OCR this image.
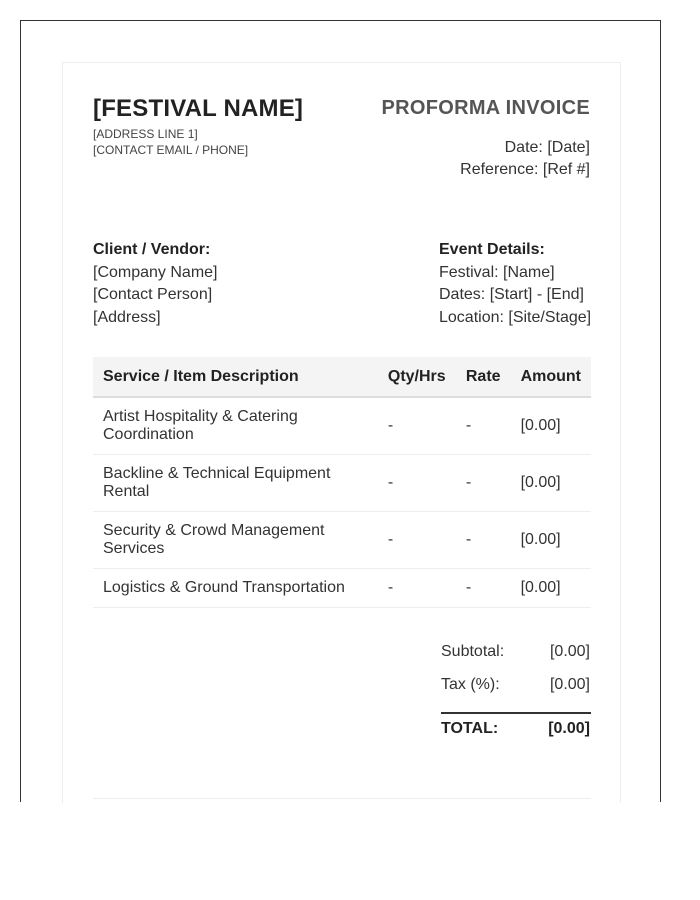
[FESTIVAL NAME]
[ADDRESS LINE 1]
[CONTACT EMAIL / PHONE]
PROFORMA INVOICE
Date: [Date]
Reference: [Ref #]
Client / Vendor:
[Company Name]
[Contact Person]
[Address]
Event Details:
Festival: [Name]
Dates: [Start] - [End]
Location: [Site/Stage]
Service / Item Description	Qty/Hrs	Rate	Amount

Artist Hospitality & Catering Coordination	-	-	[0.00]

Backline & Technical Equipment Rental	-	-	[0.00]

Security & Crowd Management Services	-	-	[0.00]

Logistics & Ground Transportation	-	-	[0.00]
Subtotal:	[0.00]
Tax (%):	[0.00]
TOTAL:	[0.00]
